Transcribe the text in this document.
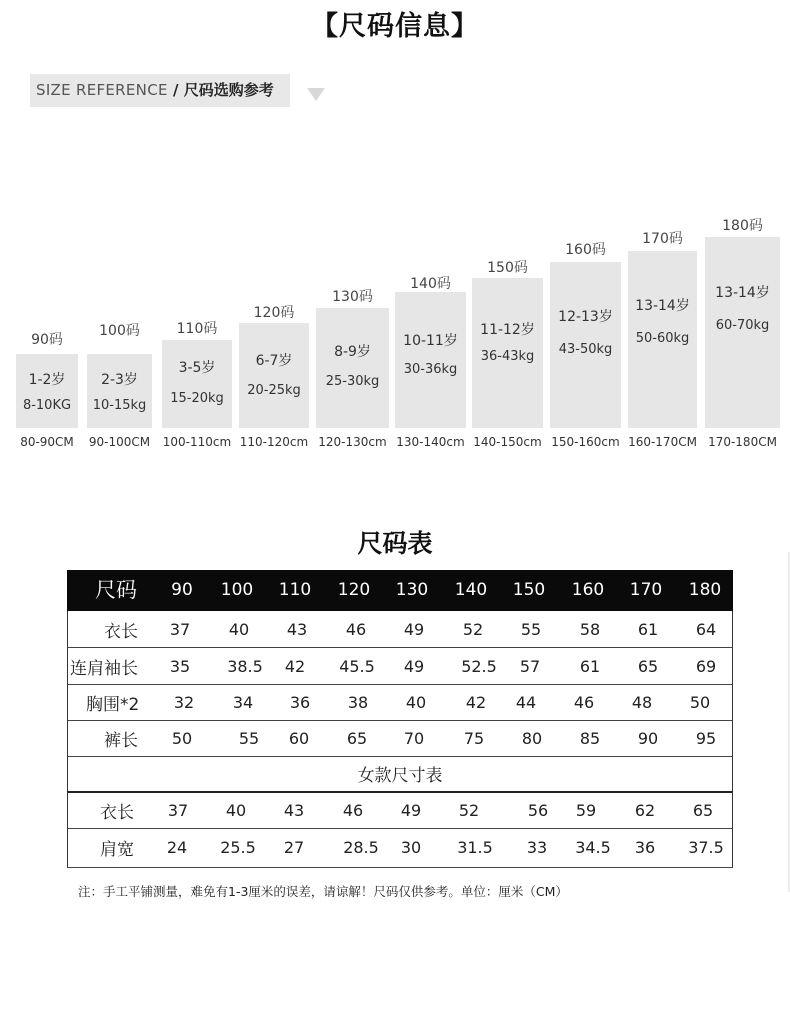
【尺码信息】
SIZE REFERENCE / 尺码选购参考
90码
1-2岁
8-10KG
80-90CM
100码
2-3岁
10-15kg
90-100CM
110码
3-5岁
15-20kg
100-110cm
120码
6-7岁
20-25kg
110-120cm
130码
8-9岁
25-30kg
120-130cm
140码
10-11岁
30-36kg
130-140cm
150码
11-12岁
36-43kg
140-150cm
160码
12-13岁
43-50kg
150-160cm
170码
13-14岁
50-60kg
160-170CM
180码
13-14岁
60-70kg
170-180CM
尺码表
尺码	90	100	110	120	130	140	150	160	170	180
衣长	37	40	43	46	49	52	55	58	61	64
连肩袖长	35	38.5	42	45.5	49	52.5	57	61	65	69
胸围*2	32	34	36	38	40	42	44	46	48	50
裤长	50	55	60	65	70	75	80	85	90	95
女款尺寸表
衣长	37	40	43	46	49	52	56	59	62	65
肩宽	24	25.5	27	28.5	30	31.5	33	34.5	36	37.5
注：手工平铺测量，难免有1-3厘米的误差，请谅解！尺码仅供参考。单位：厘米（CM）
